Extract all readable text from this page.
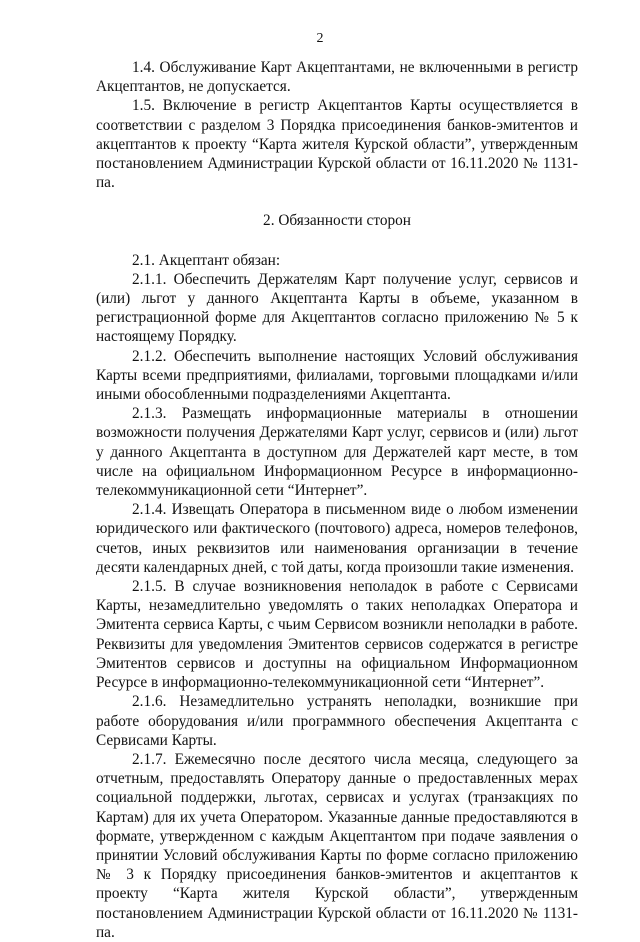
2

1.4. Обслуживание Карт Акцептантами, не включенными в регистр Акцептантов, не допускается.

1.5. Включение в регистр Акцептантов Карты осуществляется в соответствии с разделом 3 Порядка присоединения банков-эмитентов и акцептантов к проекту “Карта жителя Курской области”, утвержденным постановлением Администрации Курской области от 16.11.2020 № 1131-па.

2. Обязанности сторон

2.1. Акцептант обязан:

2.1.1. Обеспечить Держателям Карт получение услуг, сервисов и (или) льгот у данного Акцептанта Карты в объеме, указанном в регистрационной форме для Акцептантов согласно приложению № 5 к настоящему Порядку.

2.1.2. Обеспечить выполнение настоящих Условий обслуживания Карты всеми предприятиями, филиалами, торговыми площадками и/или иными обособленными подразделениями Акцептанта.

2.1.3. Размещать информационные материалы в отношении возможности получения Держателями Карт услуг, сервисов и (или) льгот у данного Акцептанта в доступном для Держателей карт месте, в том числе на официальном Информационном Ресурсе в информационно-телекоммуникационной сети “Интернет”.

2.1.4. Извещать Оператора в письменном виде о любом изменении юридического или фактического (почтового) адреса, номеров телефонов, счетов, иных реквизитов или наименования организации в течение десяти календарных дней, с той даты, когда произошли такие изменения.

2.1.5. В случае возникновения неполадок в работе с Сервисами Карты, незамедлительно уведомлять о таких неполадках Оператора и Эмитента сервиса Карты, с чьим Сервисом возникли неполадки в работе. Реквизиты для уведомления Эмитентов сервисов содержатся в регистре Эмитентов сервисов и доступны на официальном Информационном Ресурсе в информационно-телекоммуникационной сети “Интернет”.

2.1.6. Незамедлительно устранять неполадки, возникшие при работе оборудования и/или программного обеспечения Акцептанта с Сервисами Карты.

2.1.7. Ежемесячно после десятого числа месяца, следующего за отчетным, предоставлять Оператору данные о предоставленных мерах социальной поддержки, льготах, сервисах и услугах (транзакциях по Картам) для их учета Оператором. Указанные данные предоставляются в формате, утвержденном с каждым Акцептантом при подаче заявления о принятии Условий обслуживания Карты по форме согласно приложению № 3 к Порядку присоединения банков-эмитентов и акцептантов к проекту “Карта жителя Курской области”, утвержденным постановлением Администрации Курской области от 16.11.2020 № 1131-па.
